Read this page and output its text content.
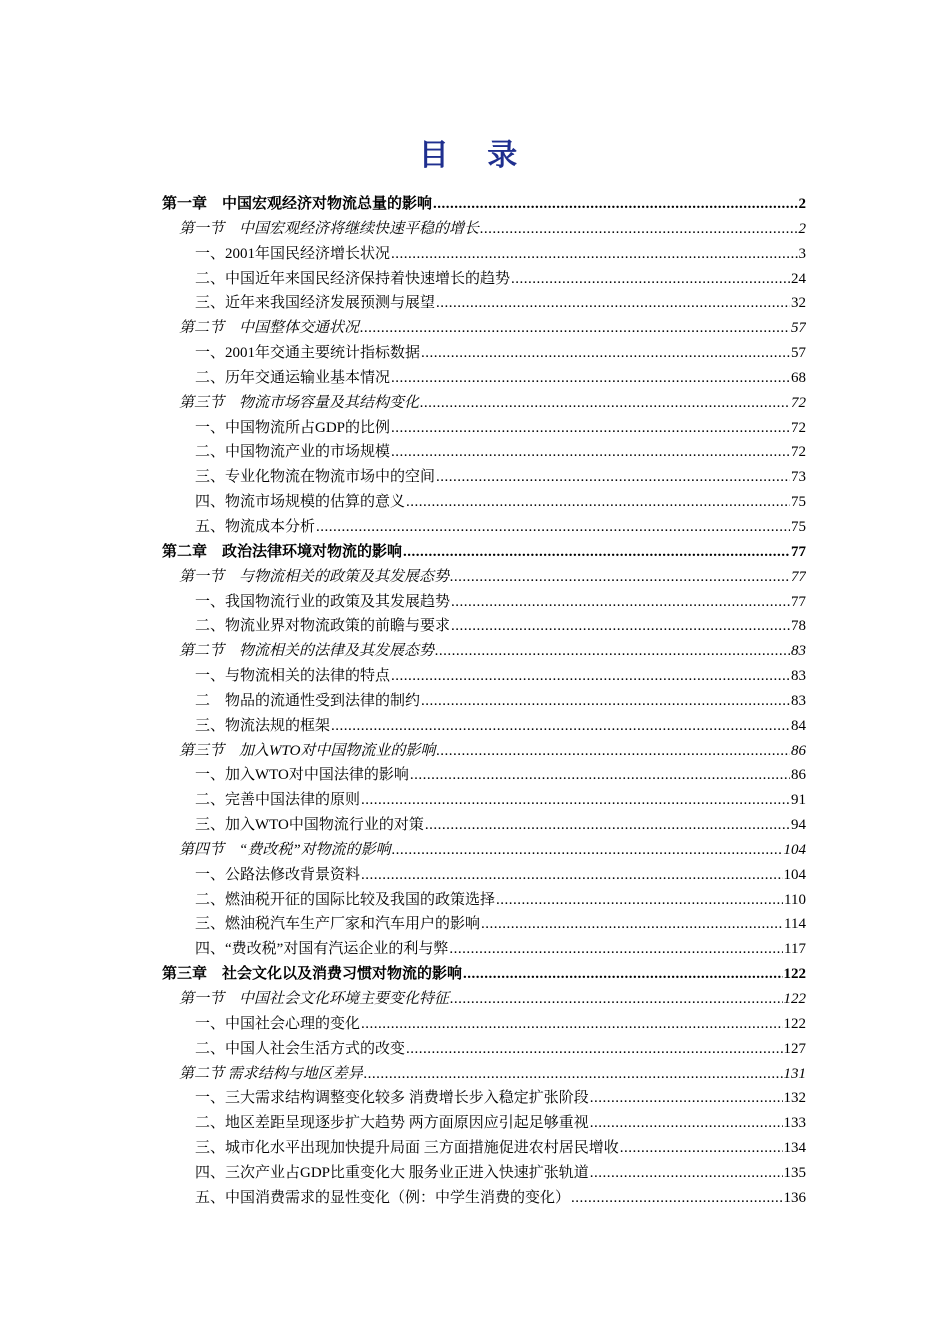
目 录
第一章　中国宏观经济对物流总量的影响 .....	2
第一节　中国宏观经济将继续快速平稳的增长 .....	2
一、2001年国民经济增长状况 .....	3
二、中国近年来国民经济保持着快速增长的趋势 .....	24
三、近年来我国经济发展预测与展望 .....	32
第二节　中国整体交通状况 .....	57
一、2001年交通主要统计指标数据 .....	57
二、历年交通运输业基本情况 .....	68
第三节　物流市场容量及其结构变化 .....	72
一、中国物流所占GDP的比例 .....	72
二、中国物流产业的市场规模 .....	72
三、专业化物流在物流市场中的空间 .....	73
四、物流市场规模的估算的意义 .....	75
五、物流成本分析 .....	75
第二章　政治法律环境对物流的影响 .....	77
第一节　与物流相关的政策及其发展态势 .....	77
一、我国物流行业的政策及其发展趋势 .....	77
二、物流业界对物流政策的前瞻与要求 .....	78
第二节　物流相关的法律及其发展态势 .....	83
一、与物流相关的法律的特点 .....	83
二　物品的流通性受到法律的制约 .....	83
三、物流法规的框架 .....	84
第三节　加入WTO对中国物流业的影响 .....	86
一、加入WTO对中国法律的影响 .....	86
二、完善中国法律的原则 .....	91
三、加入WTO中国物流行业的对策 .....	94
第四节　“费改税”对物流的影响 .....	104
一、公路法修改背景资料 .....	104
二、燃油税开征的国际比较及我国的政策选择 .....	110
三、燃油税汽车生产厂家和汽车用户的影响 .....	114
四、“费改税”对国有汽运企业的利与弊 .....	117
第三章　社会文化以及消费习惯对物流的影响 .....	122
第一节　中国社会文化环境主要变化特征 .....	122
一、中国社会心理的变化 .....	122
二、中国人社会生活方式的改变 .....	127
第二节 需求结构与地区差异 .....	131
一、三大需求结构调整变化较多 消费增长步入稳定扩张阶段 .....	132
二、地区差距呈现逐步扩大趋势 两方面原因应引起足够重视 .....	133
三、城市化水平出现加快提升局面 三方面措施促进农村居民增收 .....	134
四、三次产业占GDP比重变化大 服务业正进入快速扩张轨道 .....	135
五、中国消费需求的显性变化（例：中学生消费的变化） .....	136
